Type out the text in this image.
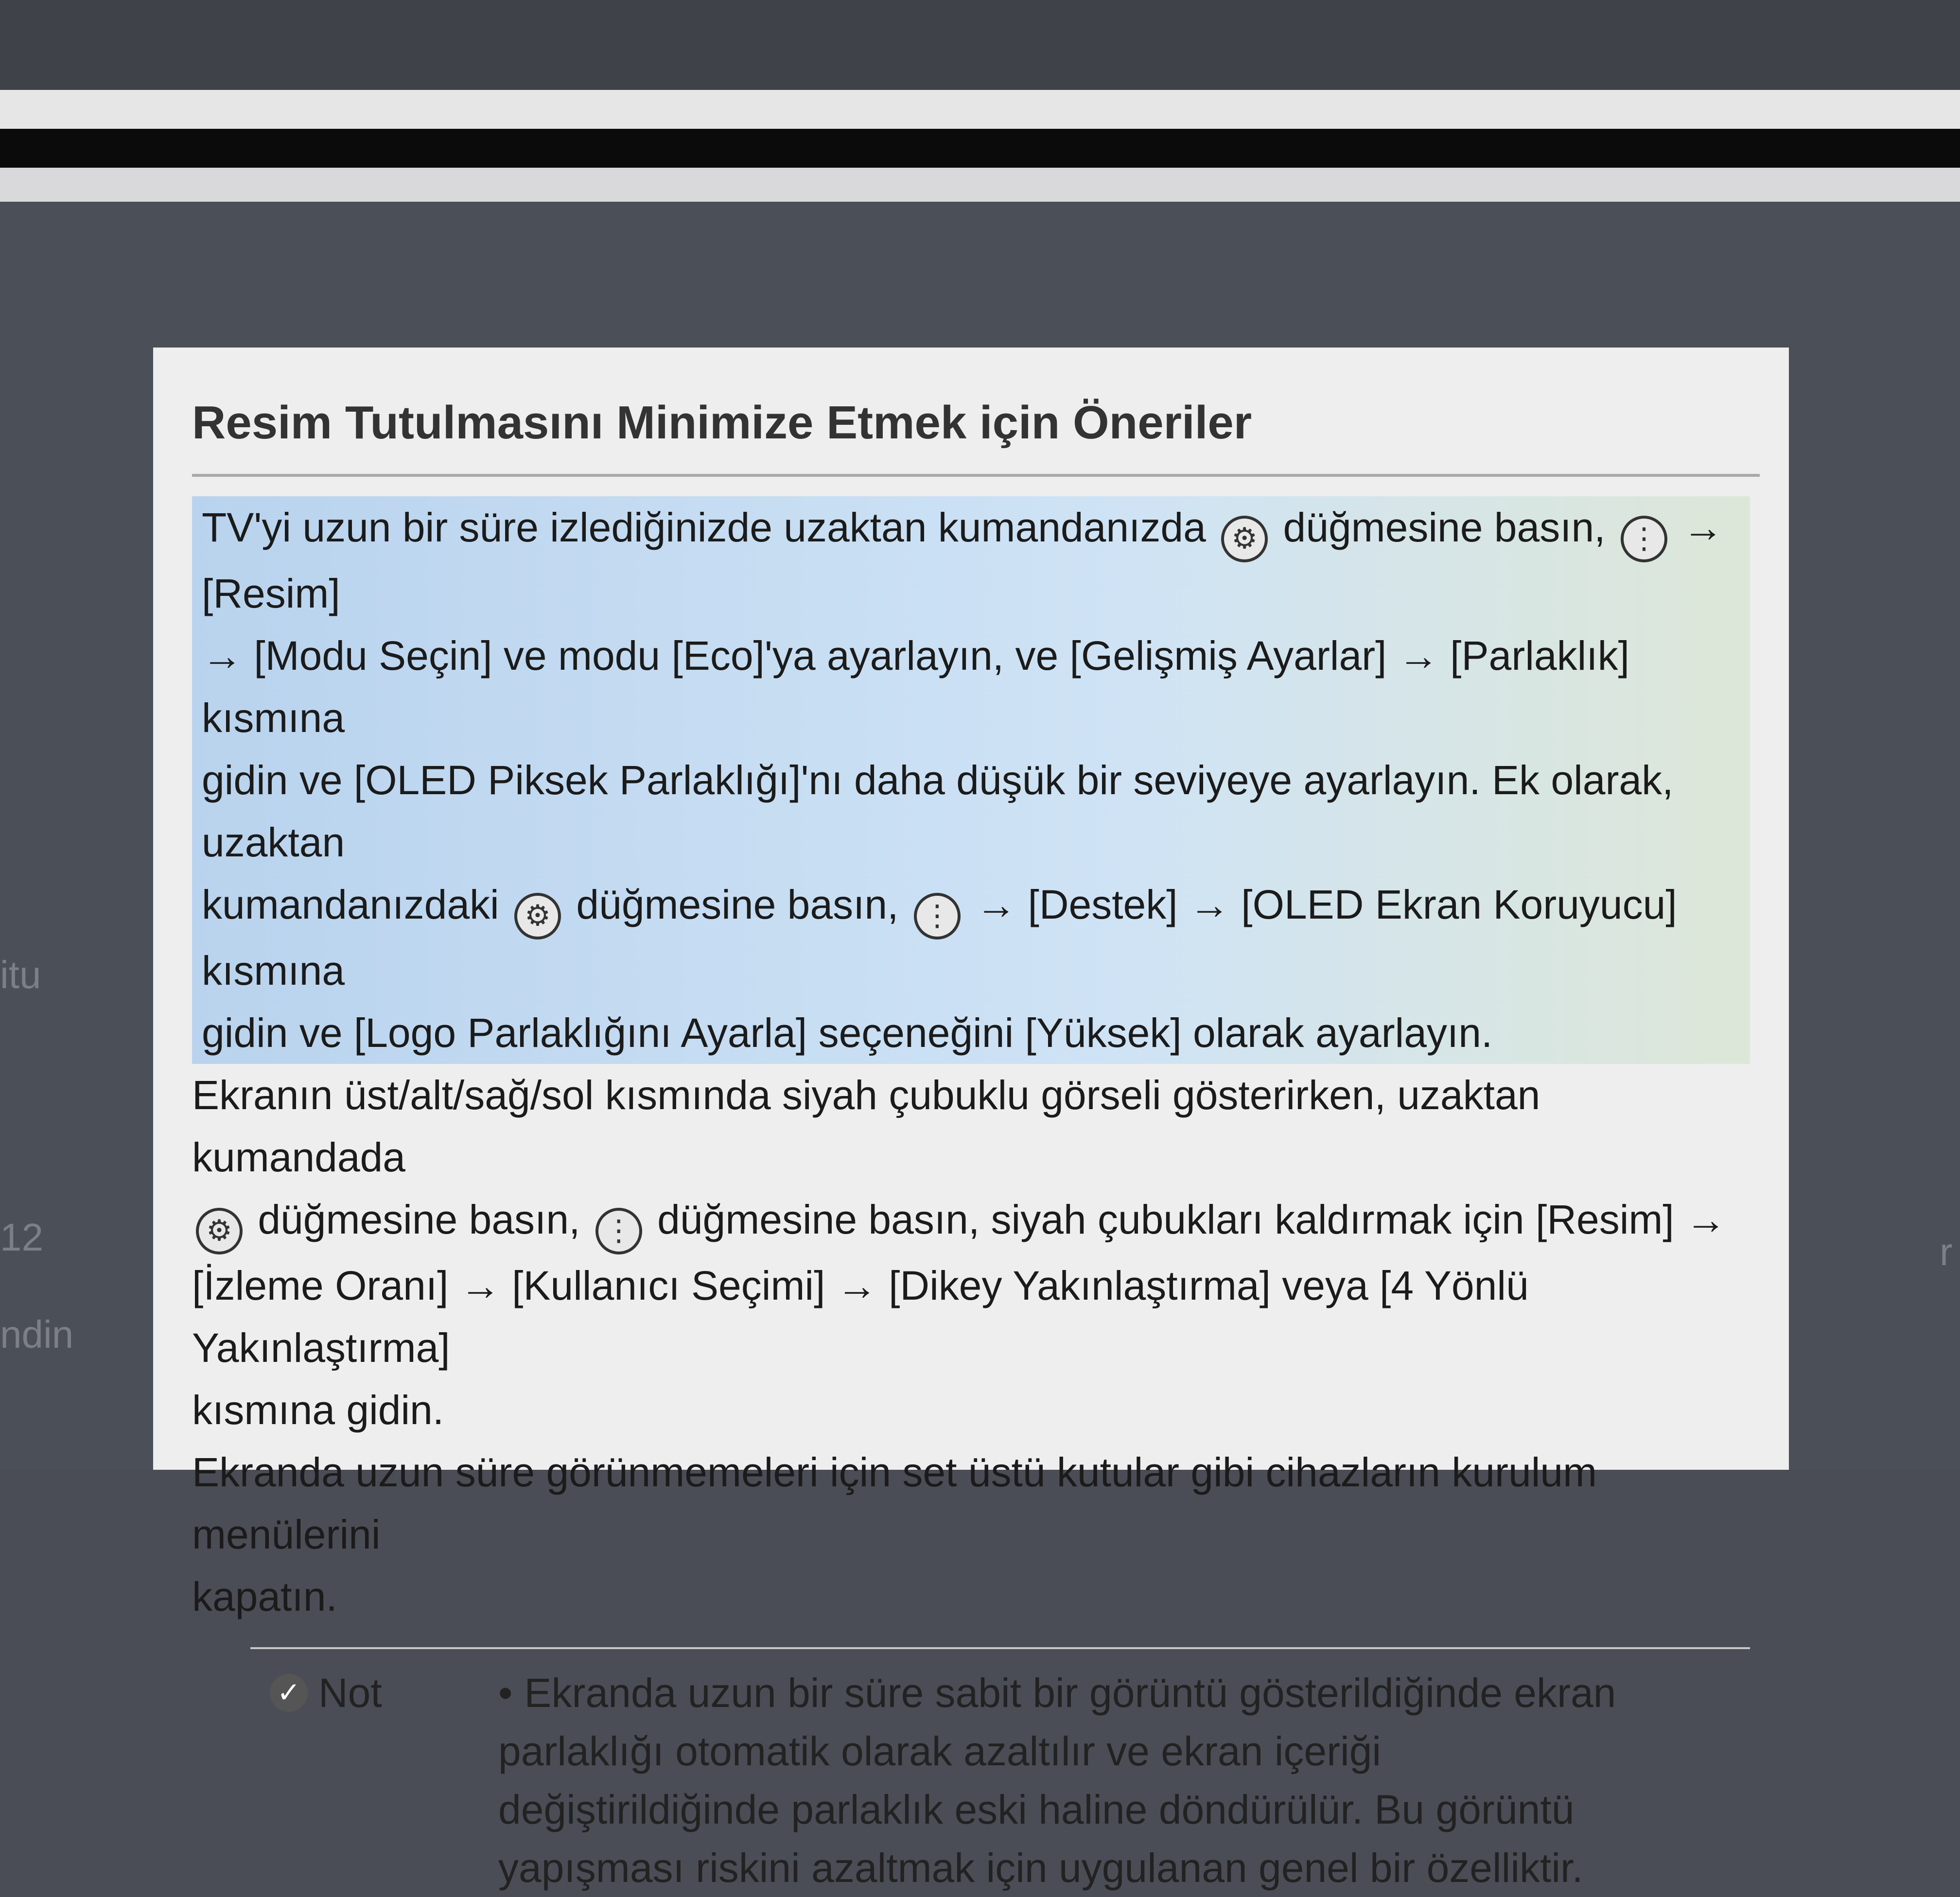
itu
12
ndin
r
Resim Tutulmasını Minimize Etmek için Öneriler
TV'yi uzun bir süre izlediğinizde uzaktan kumandanızda ⚙ düğmesine basın, ⋮ → [Resim]
→ [Modu Seçin] ve modu [Eco]'ya ayarlayın, ve [Gelişmiş Ayarlar] → [Parlaklık] kısmına
gidin ve [OLED Piksek Parlaklığı]'nı daha düşük bir seviyeye ayarlayın. Ek olarak, uzaktan
kumandanızdaki ⚙ düğmesine basın, ⋮ → [Destek] → [OLED Ekran Koruyucu] kısmına
gidin ve [Logo Parlaklığını Ayarla] seçeneğini [Yüksek] olarak ayarlayın.
Ekranın üst/alt/sağ/sol kısmında siyah çubuklu görseli gösterirken, uzaktan kumandada
⚙ düğmesine basın, ⋮ düğmesine basın, siyah çubukları kaldırmak için [Resim] →
[İzleme Oranı] → [Kullanıcı Seçimi] → [Dikey Yakınlaştırma] veya [4 Yönlü Yakınlaştırma]
kısmına gidin.
Ekranda uzun süre görünmemeleri için set üstü kutular gibi cihazların kurulum menülerini
kapatın.
✓ Not	• Ekranda uzun bir süre sabit bir görüntü gösterildiğinde ekran parlaklığı otomatik olarak azaltılır ve ekran içeriği değiştirildiğinde parlaklık eski haline döndürülür. Bu görüntü yapışması riskini azaltmak için uygulanan genel bir özelliktir.
